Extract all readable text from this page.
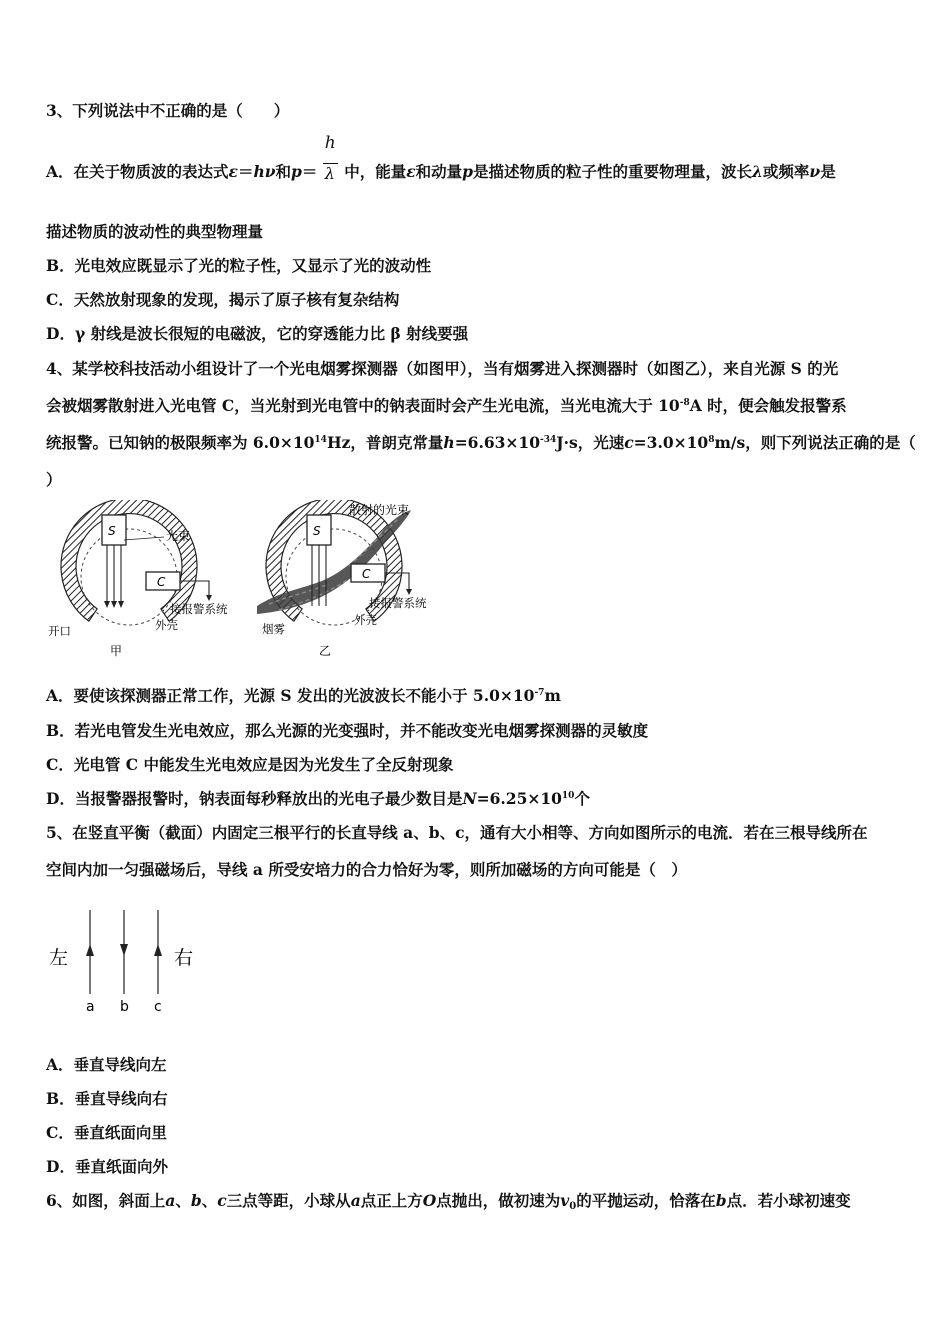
3、下列说法中不正确的是（　　）
A．在关于物质波的表达式ε＝hν和$p= \frac{h}{\lambda}$ 中，能量ε和动量p是描述物质的粒子性的重要物理量，波长λ或频率ν是
描述物质的波动性的典型物理量
B．光电效应既显示了光的粒子性，又显示了光的波动性
C．天然放射现象的发现，揭示了原子核有复杂结构
D．γ 射线是波长很短的电磁波，它的穿透能力比 β 射线要强
4、某学校科技活动小组设计了一个光电烟雾探测器（如图甲），当有烟雾进入探测器时（如图乙），来自光源 S 的光
会被烟雾散射进入光电管 C，当光射到光电管中的钠表面时会产生光电流，当光电流大于 $10^{-8}A$ 时，便会触发报警系
统报警。已知钠的极限频率为 $6.0\times 10^{14}Hz$，普朗克常量$h=6.63\times 10^{-34}J\cdot s$，光速$c=3.0\times 10^8m/s$，则下列说法正确的是（
）
S
C
光束
接报警系统
外壳
开口
甲
S
C
散射的光束
接报警系统
外壳
烟雾
乙
A．要使该探测器正常工作，光源 S 发出的光波波长不能小于 $5.0\times 10^{-7}m$
B．若光电管发生光电效应，那么光源的光变强时，并不能改变光电烟雾探测器的灵敏度
C．光电管 C 中能发生光电效应是因为光发生了全反射现象
D．当报警器报警时，钠表面每秒释放出的光电子最少数目是$N=6.25\times 10^{10}$个
5、在竖直平衡（截面）内固定三根平行的长直导线 a、b、c，通有大小相等、方向如图所示的电流．若在三根导线所在
空间内加一匀强磁场后，导线 a 所受安培力的合力恰好为零，则所加磁场的方向可能是（　）
左	右
a b c
A．垂直导线向左
B．垂直导线向右
C．垂直纸面向里
D．垂直纸面向外
6、如图，斜面上a、b、c三点等距，小球从a点正上方O点抛出，做初速为$v_0$的平抛运动，恰落在b点．若小球初速变
